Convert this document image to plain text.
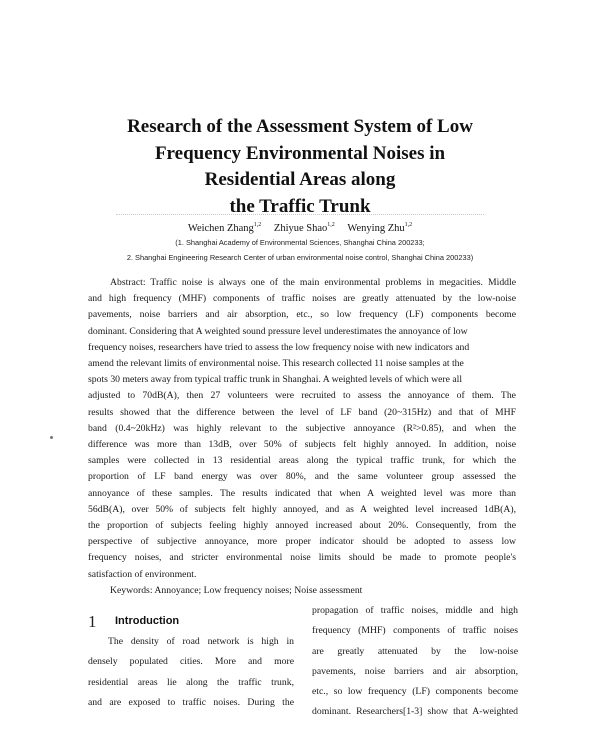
Research of the Assessment System of Low
Frequency Environmental Noises in
Residential Areas along
the Traffic Trunk
Weichen Zhang$^{1,2}$ Zhiyue Shao$^{1,2}$ Wenying Zhu$^{1,2}$
(1. Shanghai Academy of Environmental Sciences, Shanghai China 200233;
2. Shanghai Engineering Research Center of urban environmental noise control, Shanghai China 200233)
Abstract: Traffic noise is always one of the main environmental problems in megacities. Middle
and high frequency (MHF) components of traffic noises are greatly attenuated by the low-noise
pavements, noise barriers and air absorption, etc., so low frequency (LF) components become
dominant. Considering that A weighted sound pressure level underestimates the annoyance of low
frequency noises, researchers have tried to assess the low frequency noise with new indicators and
amend the relevant limits of environmental noise. This research collected 11 noise samples at the
spots 30 meters away from typical traffic trunk in Shanghai. A weighted levels of which were all
adjusted to 70dB(A), then 27 volunteers were recruited to assess the annoyance of them. The
results showed that the difference between the level of LF band (20~315Hz) and that of MHF
band (0.4~20kHz) was highly relevant to the subjective annoyance (R²>0.85), and when the
difference was more than 13dB, over 50% of subjects felt highly annoyed. In addition, noise
samples were collected in 13 residential areas along the typical traffic trunk, for which the
proportion of LF band energy was over 80%, and the same volunteer group assessed the
annoyance of these samples. The results indicated that when A weighted level was more than
56dB(A), over 50% of subjects felt highly annoyed, and as A weighted level increased 1dB(A),
the proportion of subjects feeling highly annoyed increased about 20%. Consequently, from the
perspective of subjective annoyance, more proper indicator should be adopted to assess low
frequency noises, and stricter environmental noise limits should be made to promote people's
satisfaction of environment.
Keywords: Annoyance; Low frequency noises; Noise assessment
1 Introduction
The density of road network is high in
densely populated cities. More and more
residential areas lie along the traffic trunk,
and are exposed to traffic noises. During the
propagation of traffic noises, middle and high
frequency (MHF) components of traffic noises
are greatly attenuated by the low-noise
pavements, noise barriers and air absorption,
etc., so low frequency (LF) components become
dominant. Researchers[1-3] show that A-weighted
